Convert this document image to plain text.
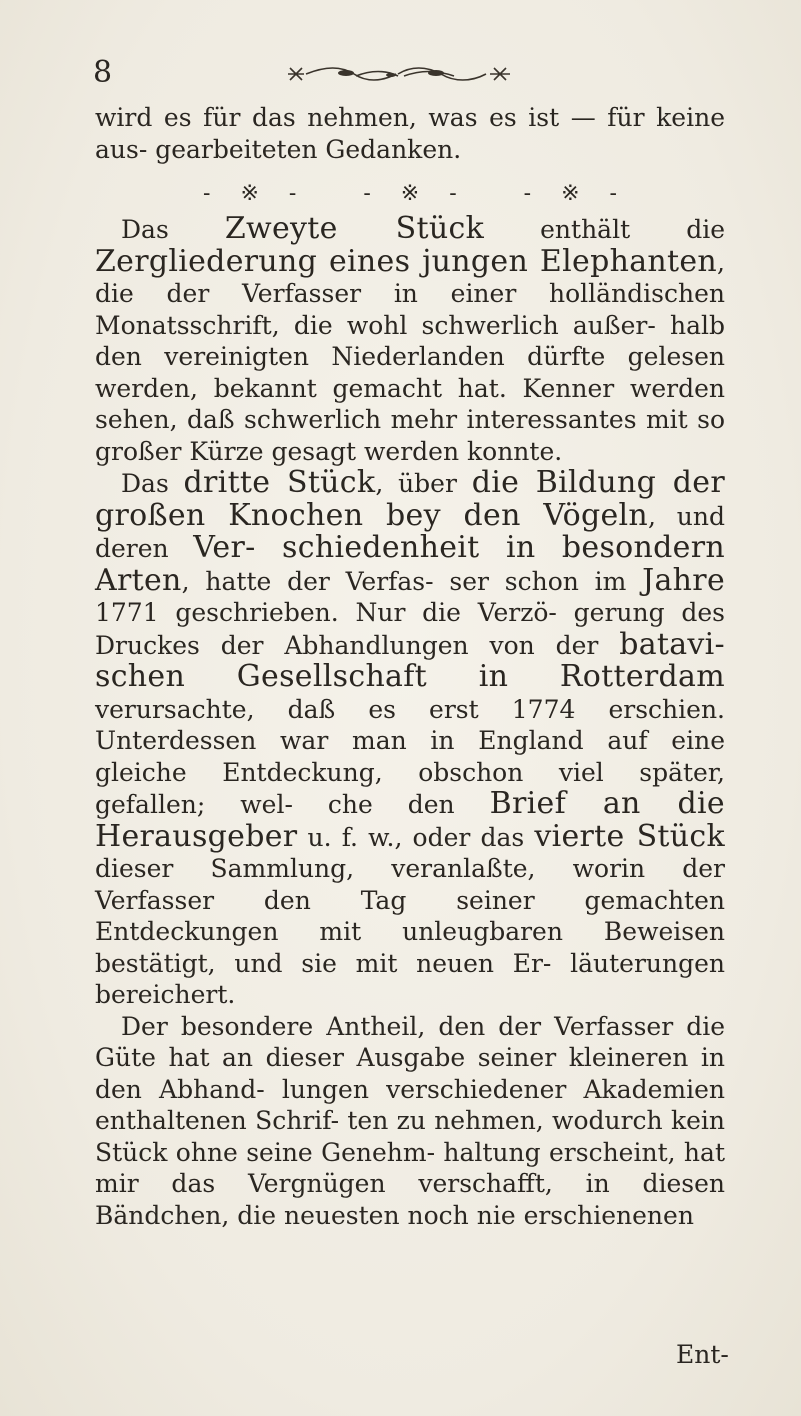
8

wird es für das nehmen, was es ist — für keine aus- gearbeiteten Gedanken.

-※- -※- -※-

Das Zweyte Stück enthält die Zergliederung eines jungen Elephanten, die der Verfasser in einer holländischen Monatsschrift, die wohl schwerlich außer- halb den vereinigten Niederlanden dürfte gelesen werden, bekannt gemacht hat. Kenner werden sehen, daß schwerlich mehr interessantes mit so großer Kürze gesagt werden konnte.

Das dritte Stück, über die Bildung der großen Knochen bey den Vögeln, und deren Ver- schiedenheit in besondern Arten, hatte der Verfas- ser schon im Jahre 1771 geschrieben. Nur die Verzö- gerung des Druckes der Abhandlungen von der batavi- schen Gesellschaft in Rotterdam verursachte, daß es erst 1774 erschien. Unterdessen war man in England auf eine gleiche Entdeckung, obschon viel später, gefallen; wel- che den Brief an die Herausgeber u. f. w., oder das vierte Stück dieser Sammlung, veranlaßte, worin der Verfasser den Tag seiner gemachten Entdeckungen mit unleugbaren Beweisen bestätigt, und sie mit neuen Er- läuterungen bereichert.

Der besondere Antheil, den der Verfasser die Güte hat an dieser Ausgabe seiner kleineren in den Abhand- lungen verschiedener Akademien enthaltenen Schrif- ten zu nehmen, wodurch kein Stück ohne seine Genehm- haltung erscheint, hat mir das Vergnügen verschafft, in diesen Bändchen, die neuesten noch nie erschienenen

Ent-
